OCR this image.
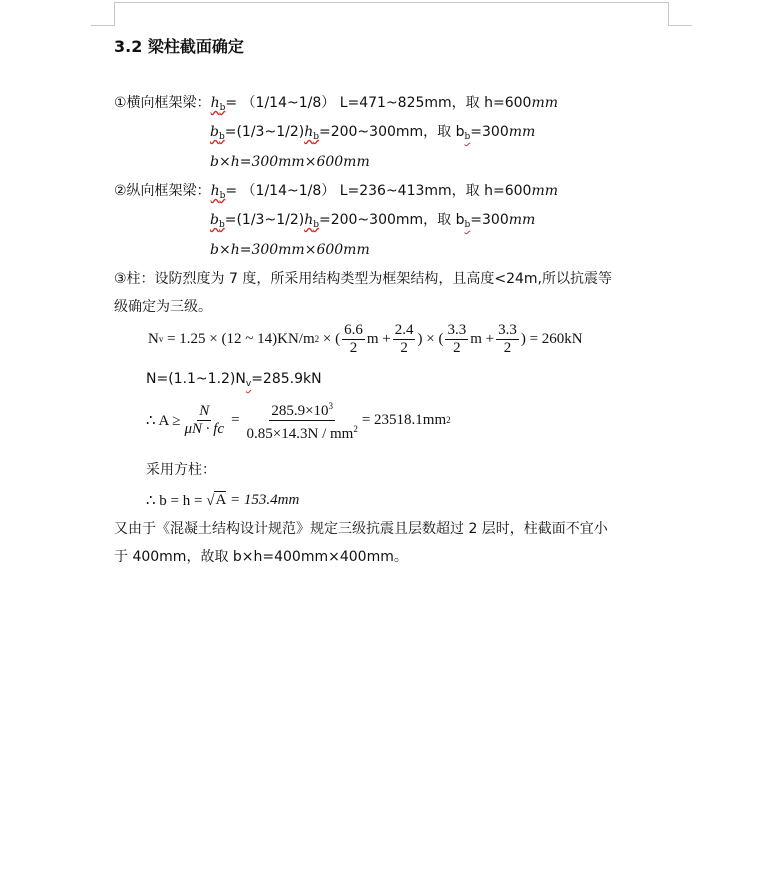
3.2 梁柱截面确定
①横向框架梁：$h_b=$ （1/14~1/8） L=471~825mm，取 h=600mm
$b_b=(1/3\sim 1/2)h_b=200\sim 300mm$，取 $b_b=300mm$
b×h=300mm×600mm
②纵向框架梁：$h_b=$ （1/14~1/8） L=236~413mm，取 h=600mm
$b_b=(1/3\sim 1/2)h_b=200\sim 300mm$，取 $b_b=300mm$
b×h=300mm×600mm
③柱：设防烈度为 7 度，所采用结构类型为框架结构，且高度<24m,所以抗震等
级确定为三级。
N v = 1.25 × (12 ~ 14)KN/m 2 × ( $\frac{6.6}{2}$ $m + \frac{2.4}{2}$ ) × ( $\frac{3.3}{2}$ $m + \frac{3.3}{2}$ ) = 260kN
$N=(1.1\sim 1.2)N_v=285.9kN$
∴ $A \ge \frac{N}{\mu N \cdot fc} = \frac{285.9\times 10^3}{0.85\times 14.3N / mm^2} = 23518.1mm$ 2
采用方柱：
∴ b = h = √ A = 153.4mm
又由于《混凝土结构设计规范》规定三级抗震且层数超过 2 层时，柱截面不宜小
于 400mm，故取 b×h=400mm×400mm。
